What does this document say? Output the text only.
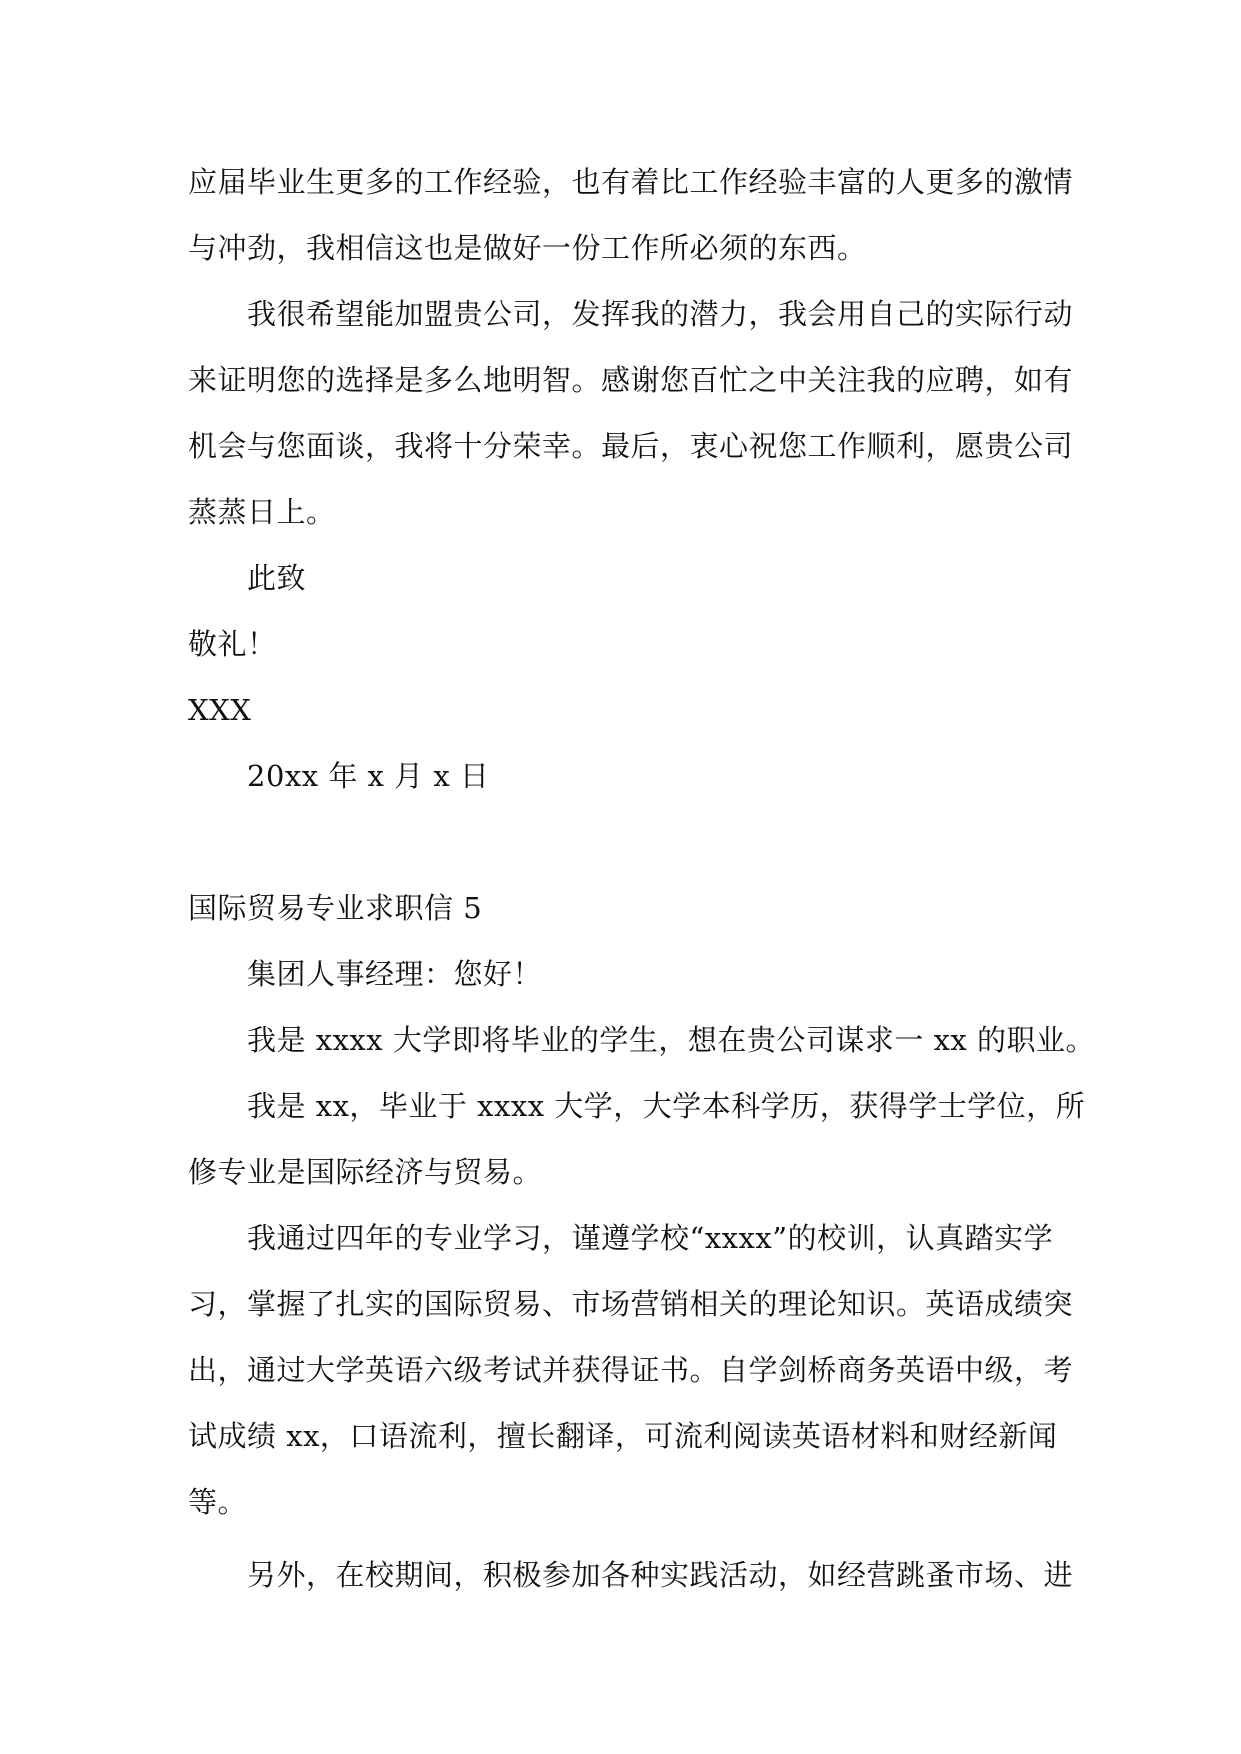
应届毕业生更多的工作经验，也有着比工作经验丰富的人更多的激情
与冲劲，我相信这也是做好一份工作所必须的东西。
我很希望能加盟贵公司，发挥我的潜力，我会用自己的实际行动
来证明您的选择是多么地明智。感谢您百忙之中关注我的应聘，如有
机会与您面谈，我将十分荣幸。最后，衷心祝您工作顺利，愿贵公司
蒸蒸日上。
此致
敬礼！
XXX
20xx 年 x 月 x 日
国际贸易专业求职信 5
集团人事经理：您好！
我是 xxxx 大学即将毕业的学生，想在贵公司谋求一 xx 的职业。
我是 xx，毕业于 xxxx 大学，大学本科学历，获得学士学位，所
修专业是国际经济与贸易。
我通过四年的专业学习，谨遵学校“xxxx”的校训，认真踏实学
习，掌握了扎实的国际贸易、市场营销相关的理论知识。英语成绩突
出，通过大学英语六级考试并获得证书。自学剑桥商务英语中级，考
试成绩 xx，口语流利，擅长翻译，可流利阅读英语材料和财经新闻
等。
另外，在校期间，积极参加各种实践活动，如经营跳蚤市场、进
